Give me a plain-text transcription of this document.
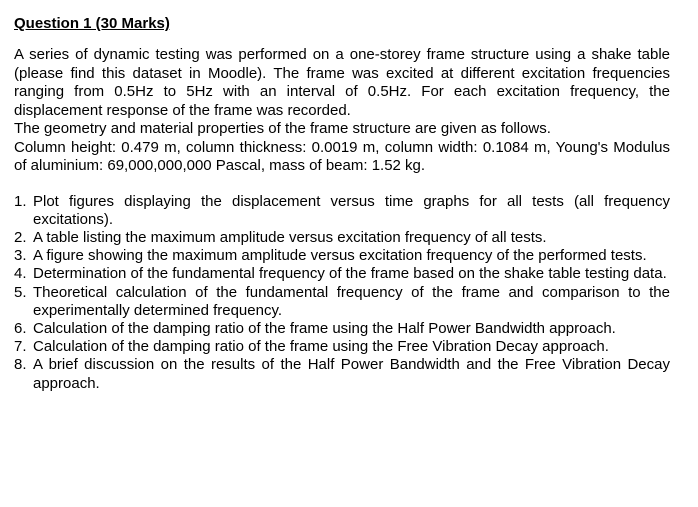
Question 1 (30 Marks)

A series of dynamic testing was performed on a one-storey frame structure using a shake table (please find this dataset in Moodle). The frame was excited at different excitation frequencies ranging from 0.5Hz to 5Hz with an interval of 0.5Hz. For each excitation frequency, the displacement response of the frame was recorded.

The geometry and material properties of the frame structure are given as follows.

Column height: 0.479 m, column thickness: 0.0019 m, column width: 0.1084 m, Young's Modulus of aluminium: 69,000,000,000 Pascal, mass of beam: 1.52 kg.

1. Plot figures displaying the displacement versus time graphs for all tests (all frequency excitations).
2. A table listing the maximum amplitude versus excitation frequency of all tests.
3. A figure showing the maximum amplitude versus excitation frequency of the performed tests.
4. Determination of the fundamental frequency of the frame based on the shake table testing data.
5. Theoretical calculation of the fundamental frequency of the frame and comparison to the experimentally determined frequency.
6. Calculation of the damping ratio of the frame using the Half Power Bandwidth approach.
7. Calculation of the damping ratio of the frame using the Free Vibration Decay approach.
8. A brief discussion on the results of the Half Power Bandwidth and the Free Vibration Decay approach.
